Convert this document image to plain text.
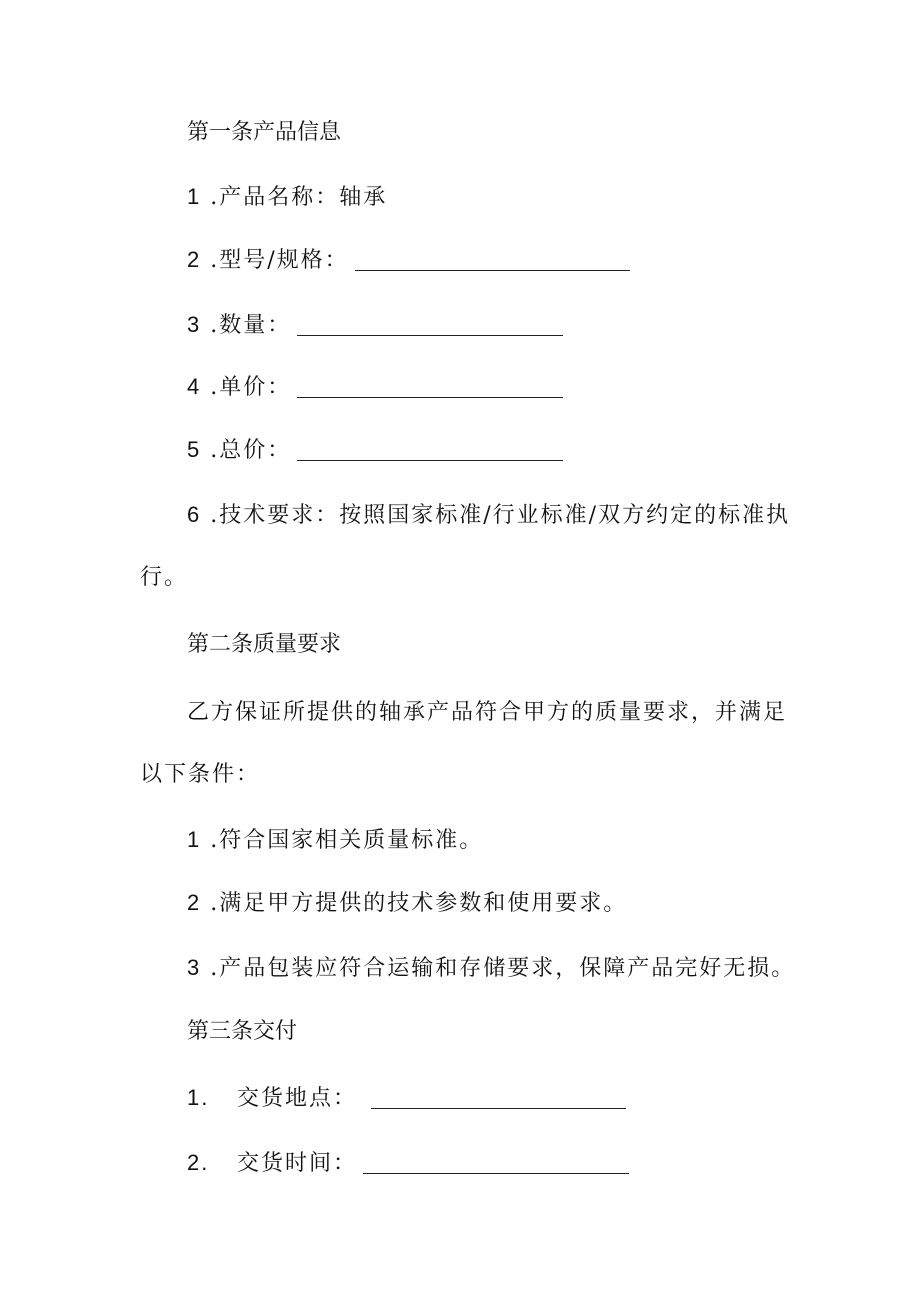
第一条产品信息
1 .产品名称：轴承
2 .型号/规格：
3 .数量：
4 .单价：
5 .总价：
6 .技术要求：按照国家标准/行业标准/双方约定的标准执
行。
第二条质量要求
乙方保证所提供的轴承产品符合甲方的质量要求，并满足
以下条件：
1 .符合国家相关质量标准。
2 .满足甲方提供的技术参数和使用要求。
3 .产品包装应符合运输和存储要求，保障产品完好无损。
第三条交付
1. 交货地点：
2. 交货时间：
